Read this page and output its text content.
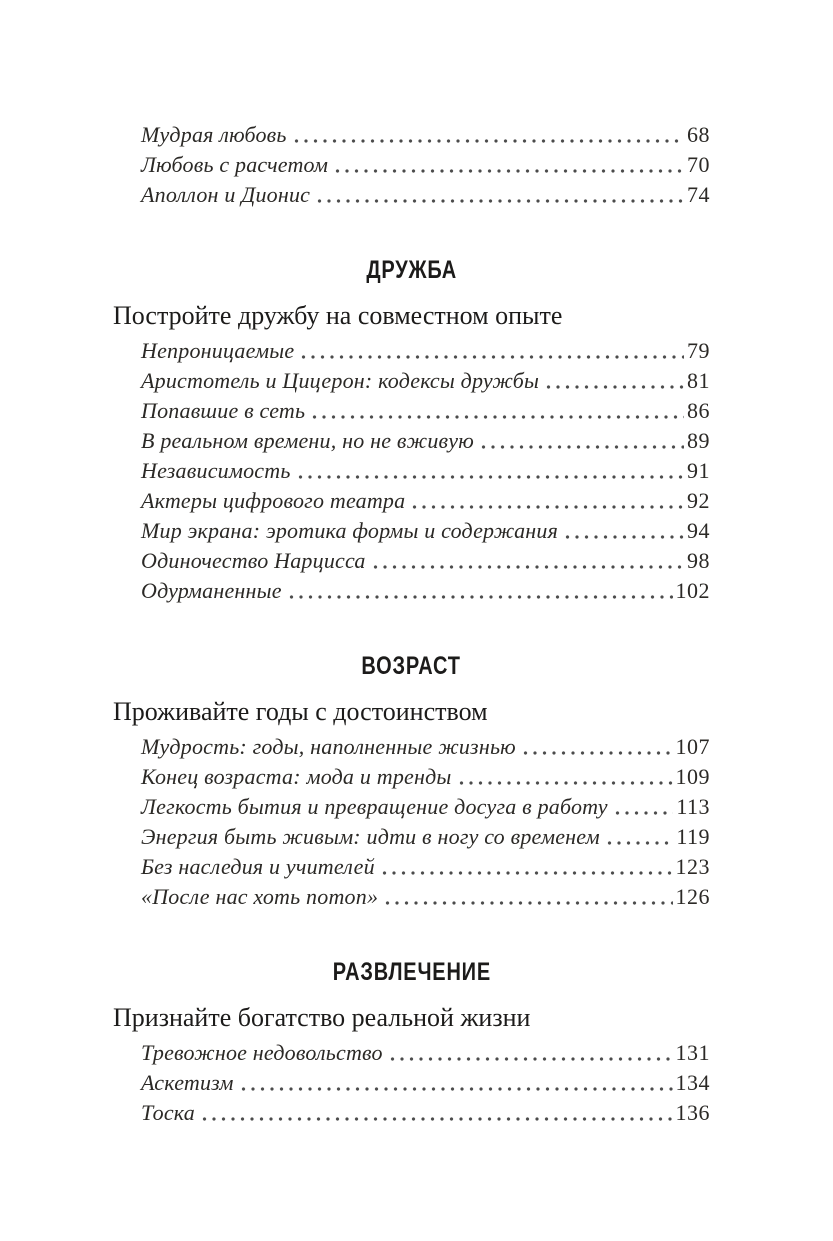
Мудрая любовь	68
Любовь с расчетом	70
Аполлон и Дионис	74
ДРУЖБА
Постройте дружбу на совместном опыте
Непроницаемые	79
Аристотель и Цицерон: кодексы дружбы	81
Попавшие в сеть	86
В реальном времени, но не вживую	89
Независимость	91
Актеры цифрового театра	92
Мир экрана: эротика формы и содержания	94
Одиночество Нарцисса	98
Одурманенные	102
ВОЗРАСТ
Проживайте годы с достоинством
Мудрость: годы, наполненные жизнью	107
Конец возраста: мода и тренды	109
Легкость бытия и превращение досуга в работу	113
Энергия быть живым: идти в ногу со временем	119
Без наследия и учителей	123
«После нас хоть потоп»	126
РАЗВЛЕЧЕНИЕ
Признайте богатство реальной жизни
Тревожное недовольство	131
Аскетизм	134
Тоска	136
